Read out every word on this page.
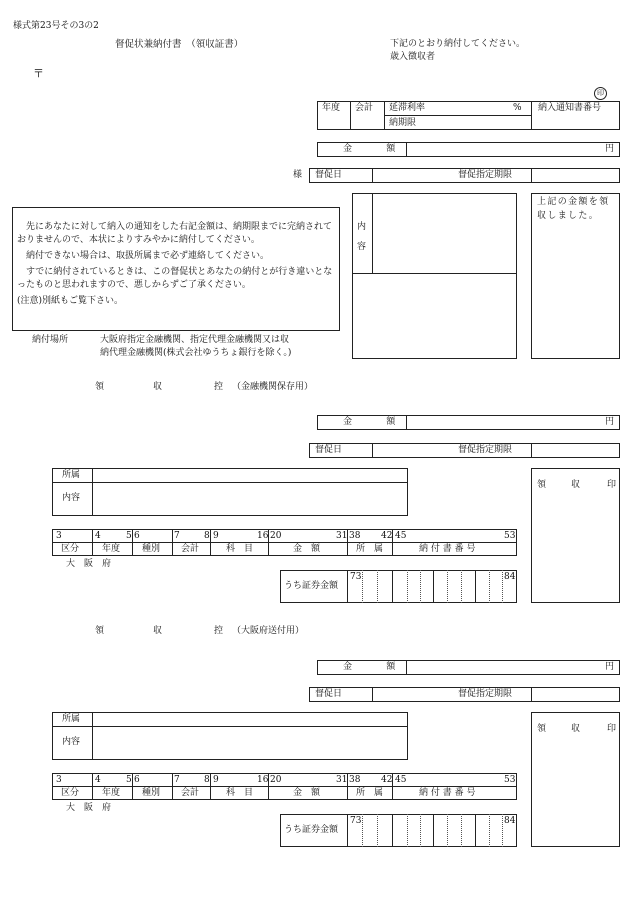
様式第23号その3の2
督促状兼納付書　（領収証書）	下記のとおり納付してください。
歳入徴収者
〒
印
年度 会計 延滞利率	% 納入通知書番号
納期限
金　　額	円
様 督促日	督促指定期限
内容
上記の金額を領収しました。

先にあなたに対して納入の通知をした右記金額は、納期限までに完納されておりませんので、本状によりすみやかに納付してください。

納付できない場合は、取扱所属まで必ず連絡してください。

すでに納付されているときは、この督促状とあなたの納付とが行き違いとなったものと思われますので、悪しからずご了承ください。

(注意)別紙もご覧下さい。

納付場所	大阪府指定金融機関、指定代理金融機関又は収
納代理金融機関(株式会社ゆうちょ銀行を除く。)
領	収	控 （金融機関保存用）
金　　額	円
督促日	督促指定期限
所属
内容
領	収	印
3	4	5 6	7	8 9	16 20	31 38 42 45	53
区分	年度 種別 会計	科　目	金　額	所　属	納 付 書 番 号
大　阪　府
うち証券金額
73	84
領	収	控 （大阪府送付用）
金　　額	円
督促日	督促指定期限
所属
内容
領	収	印
3	4	5 6	7	8 9	16 20	31 38 42 45	53
区分	年度 種別 会計	科　目	金　額	所　属	納 付 書 番 号
大　阪　府
うち証券金額
73	84
